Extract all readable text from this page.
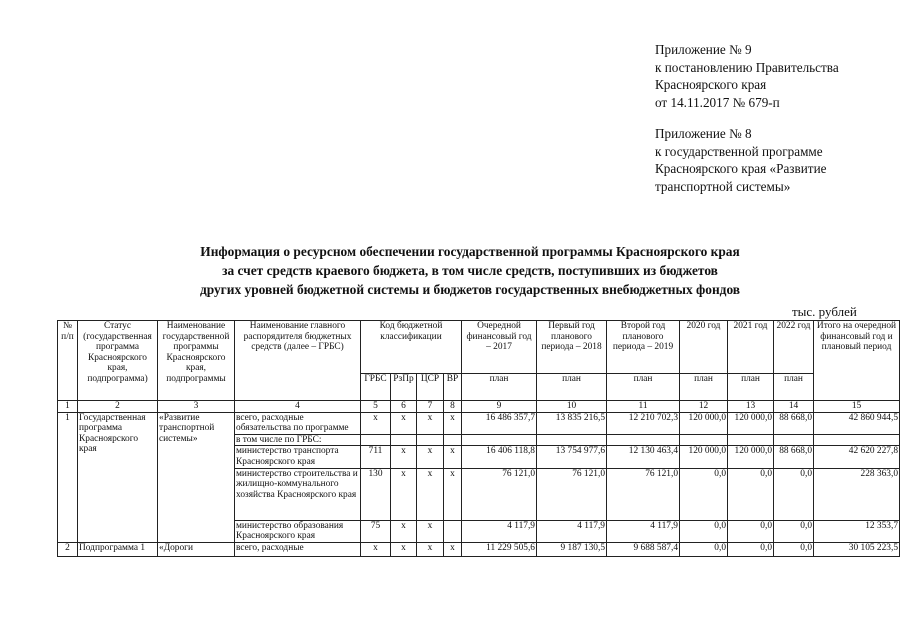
Приложение № 9
к постановлению Правительства
Красноярского края
от 14.11.2017 № 679-п
Приложение № 8
к государственной программе
Красноярского края «Развитие
транспортной системы»
Информация о ресурсном обеспечении государственной программы Красноярского края
за счет средств краевого бюджета, в том числе средств, поступивших из бюджетов
других уровней бюджетной системы и бюджетов государственных внебюджетных фондов
тыс. рублей
№ п/п	Статус (государственная программа Красноярского края, подпрограмма)	Наименование государственной программы Красноярского края, подпрограммы	Наименование главного распорядителя бюджетных средств (далее – ГРБС)	Код бюджетной классификации				Очередной финансовый год – 2017	Первый год планового периода – 2018	Второй год планового периода – 2019	2020 год	2021 год	2022 год	Итого на очередной финансовый год и плановый период
				ГРБС	РзПр	ЦСР	ВР	план	план	план	план	план	план	
1	2	3	4	5	6	7	8	9	10	11	12	13	14	15
1	Государственная программа Красноярского края	«Развитие транспортной системы»	всего, расходные обязательства по программе	х	х	х	х	16 486 357,7	13 835 216,5	12 210 702,3	120 000,0	120 000,0	88 668,0	42 860 944,5
			в том числе по ГРБС:											
			министерство транспорта Красноярского края	711	х	х	х	16 406 118,8	13 754 977,6	12 130 463,4	120 000,0	120 000,0	88 668,0	42 620 227,8
			министерство строительства и жилищно-коммунального хозяйства Красноярского края	130	х	х	х	76 121,0	76 121,0	76 121,0	0,0	0,0	0,0	228 363,0
			министерство образования Красноярского края	75	х	х		4 117,9	4 117,9	4 117,9	0,0	0,0	0,0	12 353,7
2	Подпрограмма 1	«Дороги	всего, расходные	х	х	х	х	11 229 505,6	9 187 130,5	9 688 587,4	0,0	0,0	0,0	30 105 223,5
